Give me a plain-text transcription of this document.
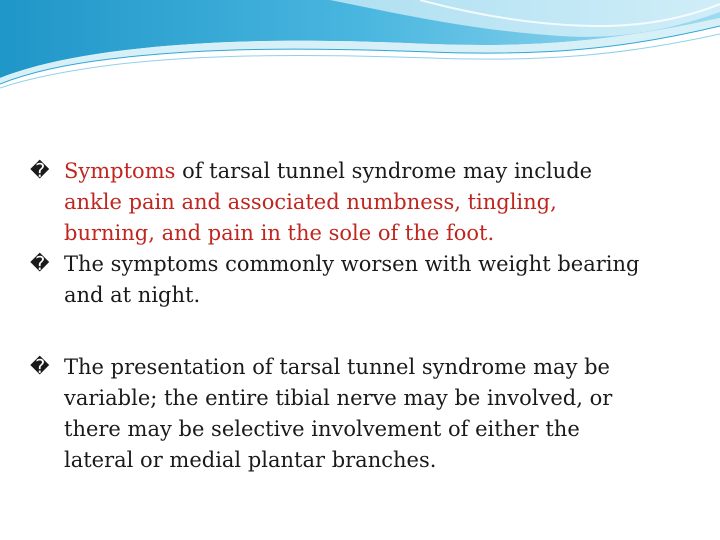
� Symptoms of tarsal tunnel syndrome may include
ankle pain and associated numbness, tingling,
burning, and pain in the sole of the foot.
� The symptoms commonly worsen with weight bearing
and at night.
� The presentation of tarsal tunnel syndrome may be
variable; the entire tibial nerve may be involved, or
there may be selective involvement of either the
lateral or medial plantar branches.
